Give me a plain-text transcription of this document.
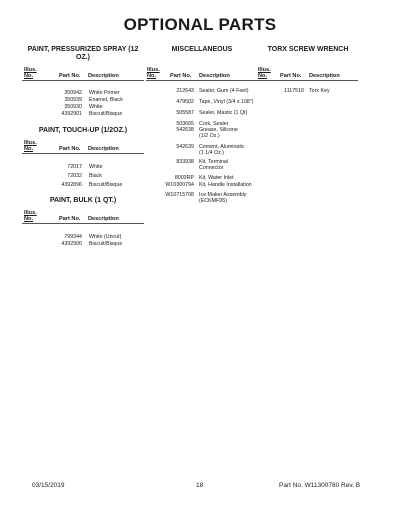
OPTIONAL PARTS
PAINT, PRESSURIZED SPRAY (12 OZ.)
Illus. No.	Part No. Description
350942 White Primer
350939 Enamel, Black
350930 White
4392901 Biscuit/Bisque
PAINT, TOUCH-UP (1/2OZ.)
Illus. No.	Part No. Description
72017 White
72032 Black
4392896 Biscuit/Bisque
PAINT, BULK (1 QT.)
Illus. No.	Part No. Description
799344 White (Uncut)
4392900 Biscuit/Bisque
MISCELLANEOUS
Illus. No.	Part No. Description
212643 Sealer, Gum (4 Feet)
479502 Tape, Vinyl (3/4 x 108")
505587 Sealer, Mastic (1 Qt)
503665 Cork, Sealer
542638 Grease, Silicone (1/2 Oz.)
542639 Cement, Aluminatic (1 1/4 Oz.)
833938 Kit, Terminal Connector
8003RP Kit, Water Inlet
W10300794 Kit, Handle Installation
W10715708 Ice Maker Assembly (ECKMF95)
TORX SCREW WRENCH
Illus. No.	Part No. Description
1117510 Torx Key
03/15/2019	18	Part No. W11300780 Rev. B
